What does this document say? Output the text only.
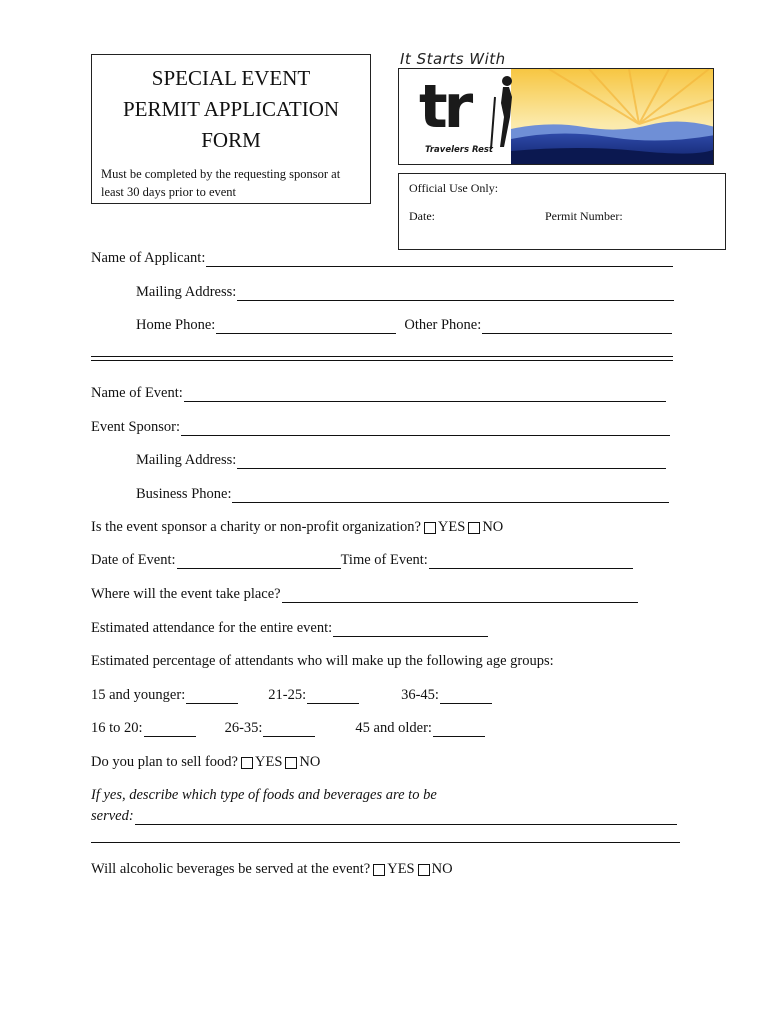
SPECIAL EVENT
PERMIT APPLICATION
FORM
Must be completed by the requesting sponsor at least 30 days prior to event
It Starts With
tr
Travelers Rest
Official Use Only:
Date:	Permit Number:
Name of Applicant:
Mailing Address:
Home Phone:	Other Phone:
Name of Event:
Event Sponsor:
Mailing Address:
Business Phone:
Is the event sponsor a charity or non-profit organization? YES NO
Date of Event:	Time of Event:
Where will the event take place?
Estimated attendance for the entire event:
Estimated percentage of attendants who will make up the following age groups:
15 and younger:	21-25:	36-45:
16 to 20:	26-35:	45 and older:
Do you plan to sell food? YES NO
If yes, describe which type of foods and beverages are to be
served:
Will alcoholic beverages be served at the event? YES NO
